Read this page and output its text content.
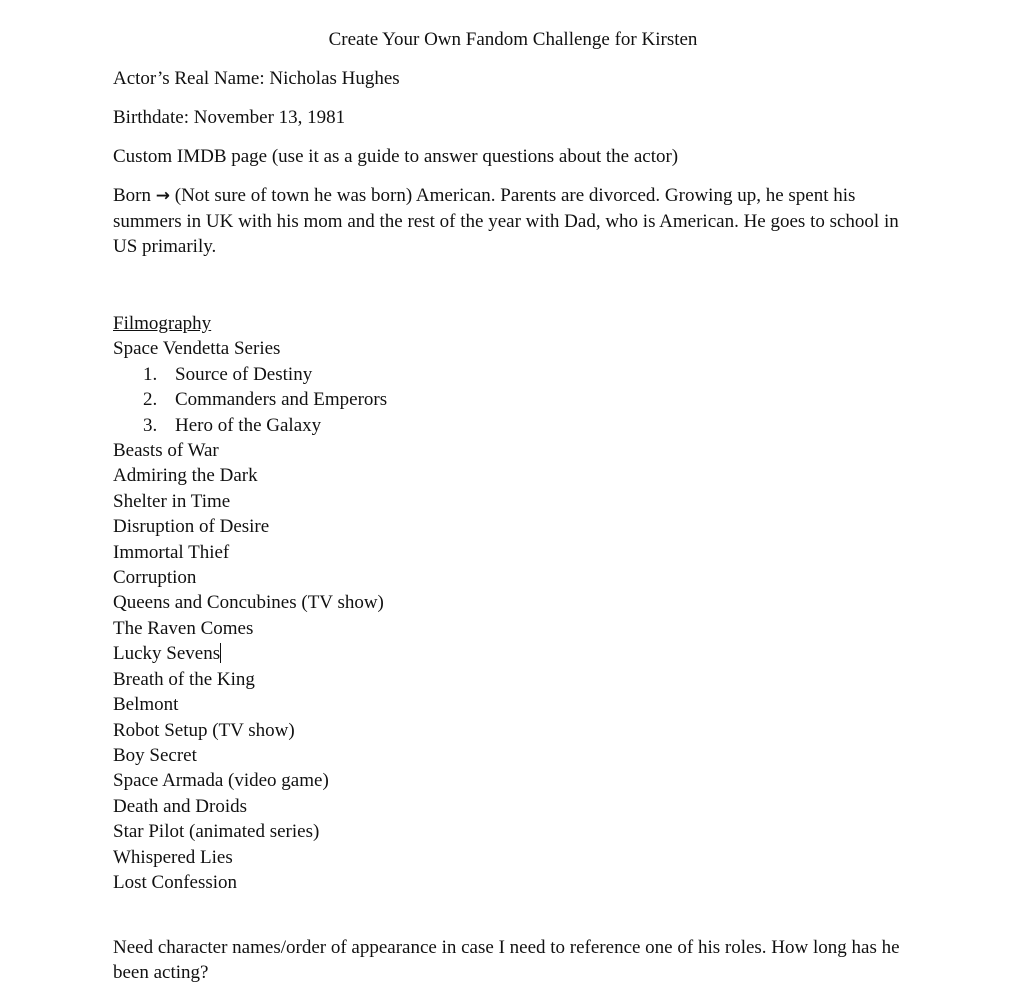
Create Your Own Fandom Challenge for Kirsten
Actor’s Real Name: Nicholas Hughes
Birthdate: November 13, 1981
Custom IMDB page (use it as a guide to answer questions about the actor)
Born → (Not sure of town he was born) American. Parents are divorced. Growing up, he spent his summers in UK with his mom and the rest of the year with Dad, who is American. He goes to school in US primarily.
Filmography
Space Vendetta Series
1. Source of Destiny
2. Commanders and Emperors
3. Hero of the Galaxy
Beasts of War
Admiring the Dark
Shelter in Time
Disruption of Desire
Immortal Thief
Corruption
Queens and Concubines (TV show)
The Raven Comes
Lucky Sevens
Breath of the King
Belmont
Robot Setup (TV show)
Boy Secret
Space Armada (video game)
Death and Droids
Star Pilot (animated series)
Whispered Lies
Lost Confession
Need character names/order of appearance in case I need to reference one of his roles. How long has he been acting?
